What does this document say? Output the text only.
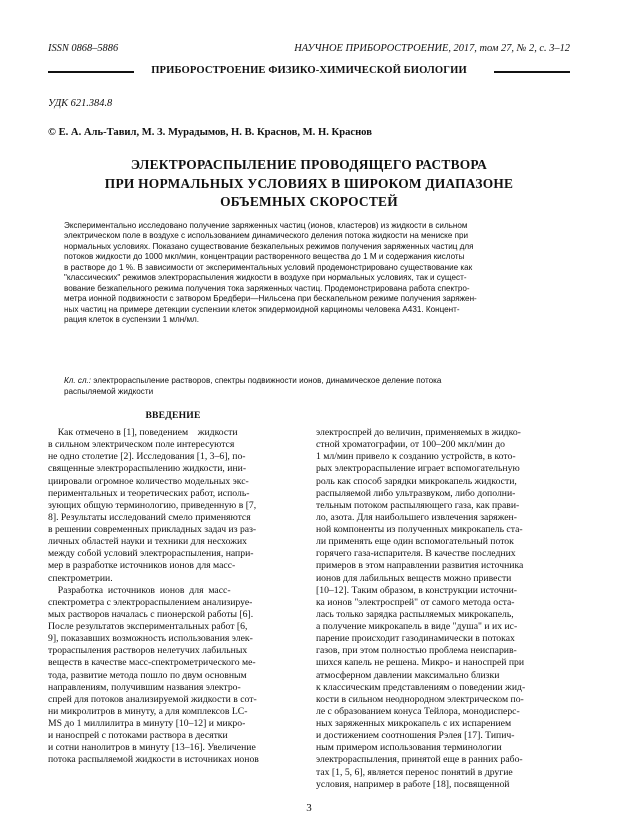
ISSN 0868–5886	НАУЧНОЕ ПРИБОРОСТРОЕНИЕ, 2017, том 27, № 2, с. 3–12
ПРИБОРОСТРОЕНИЕ ФИЗИКО-ХИМИЧЕСКОЙ БИОЛОГИИ
УДК 621.384.8
© Е. А. Аль-Тавил, М. З. Мурадымов, Н. В. Краснов, М. Н. Краснов
ЭЛЕКТРОРАСПЫЛЕНИЕ ПРОВОДЯЩЕГО РАСТВОРА
ПРИ НОРМАЛЬНЫХ УСЛОВИЯХ В ШИРОКОМ ДИАПАЗОНЕ
ОБЪЕМНЫХ СКОРОСТЕЙ
Экспериментально исследовано получение заряженных частиц (ионов, кластеров) из жидкости в сильном
электрическом поле в воздухе с использованием динамического деления потока жидкости на мениске при
нормальных условиях. Показано существование безкапельных режимов получения заряженных частиц для
потоков жидкости до 1000 мкл/мин, концентрации растворенного вещества до 1 М и содержания кислоты
в растворе до 1 %. В зависимости от экспериментальных условий продемонстрировано существование как
"классических" режимов электрораспыления жидкости в воздухе при нормальных условиях, так и сущест-
вование безкапельного режима получения тока заряженных частиц. Продемонстрирована работа спектро-
метра ионной подвижности с затвором Бредбери—Нильсена при бескапельном режиме получения заряжен-
ных частиц на примере детекции суспензии клеток эпидермоидной карциномы человека A431. Концент-
рация клеток в суспензии 1 млн/мл.
Кл. сл.: электрораспыление растворов, спектры подвижности ионов, динамическое деление потока
распыляемой жидкости
ВВЕДЕНИЕ
Как отмечено в [1], поведением    жидкости
в сильном электрическом поле интересуются
не одно столетие [2]. Исследования [1, 3–6], по-
священные электрораспылению жидкости, ини-
циировали огромное количество модельных экс-
периментальных и теоретических работ, исполь-
зующих общую терминологию, приведенную в [7,
8]. Результаты исследований смело применяются
в решении современных прикладных задач из раз-
личных областей науки и техники для несхожих
между собой условий электрораспыления, напри-
мер в разработке источников ионов для масс-
спектрометрии.
Разработка  источников  ионов  для  масс-
спектрометра с электрораспылением анализируе-
мых растворов началась с пионерской работы [6].
После результатов экспериментальных работ [6,
9], показавших возможность использования элек-
трораспыления растворов нелетучих лабильных
веществ в качестве масс-спектрометрического ме-
тода, развитие метода пошло по двум основным
направлениям, получившим названия электро-
спрей для потоков анализируемой жидкости в сот-
ни микролитров в минуту, а для комплексов LC-
MS до 1 миллилитра в минуту [10–12] и микро-
и наноспрей с потоками раствора в десятки
и сотни нанолитров в минуту [13–16]. Увеличение
потока распыляемой жидкости в источниках ионов
электроспрей до величин, применяемых в жидко-
стной хроматографии, от 100–200 мкл/мин до
1 мл/мин привело к созданию устройств, в кото-
рых электрораспыление играет вспомогательную
роль как способ зарядки микрокапель жидкости,
распыляемой либо ультразвуком, либо дополни-
тельным потоком распыляющего газа, как прави-
ло, азота. Для наибольшего извлечения заряжен-
ной компоненты из полученных микрокапель ста-
ли применять еще один вспомогательный поток
горячего газа-испарителя. В качестве последних
примеров в этом направлении развития источника
ионов для лабильных веществ можно привести
[10–12]. Таким образом, в конструкции источни-
ка ионов "электроспрей" от самого метода оста-
лась только зарядка распыляемых микрокапель,
а получение микрокапель в виде "душа" и их ис-
парение происходит газодинамически в потоках
газов, при этом полностью проблема неиспарив-
шихся капель не решена. Микро- и наноспрей при
атмосферном давлении максимально близки
к классическим представлениям о поведении жид-
кости в сильном неоднородном электрическом по-
ле с образованием конуса Тейлора, монодисперс-
ных заряженных микрокапель с их испарением
и достижением соотношения Рэлея [17]. Типич-
ным примером использования терминологии
электрораспыления, принятой еще в ранних рабо-
тах [1, 5, 6], является перенос понятий в другие
условия, например в работе [18], посвященной
3
